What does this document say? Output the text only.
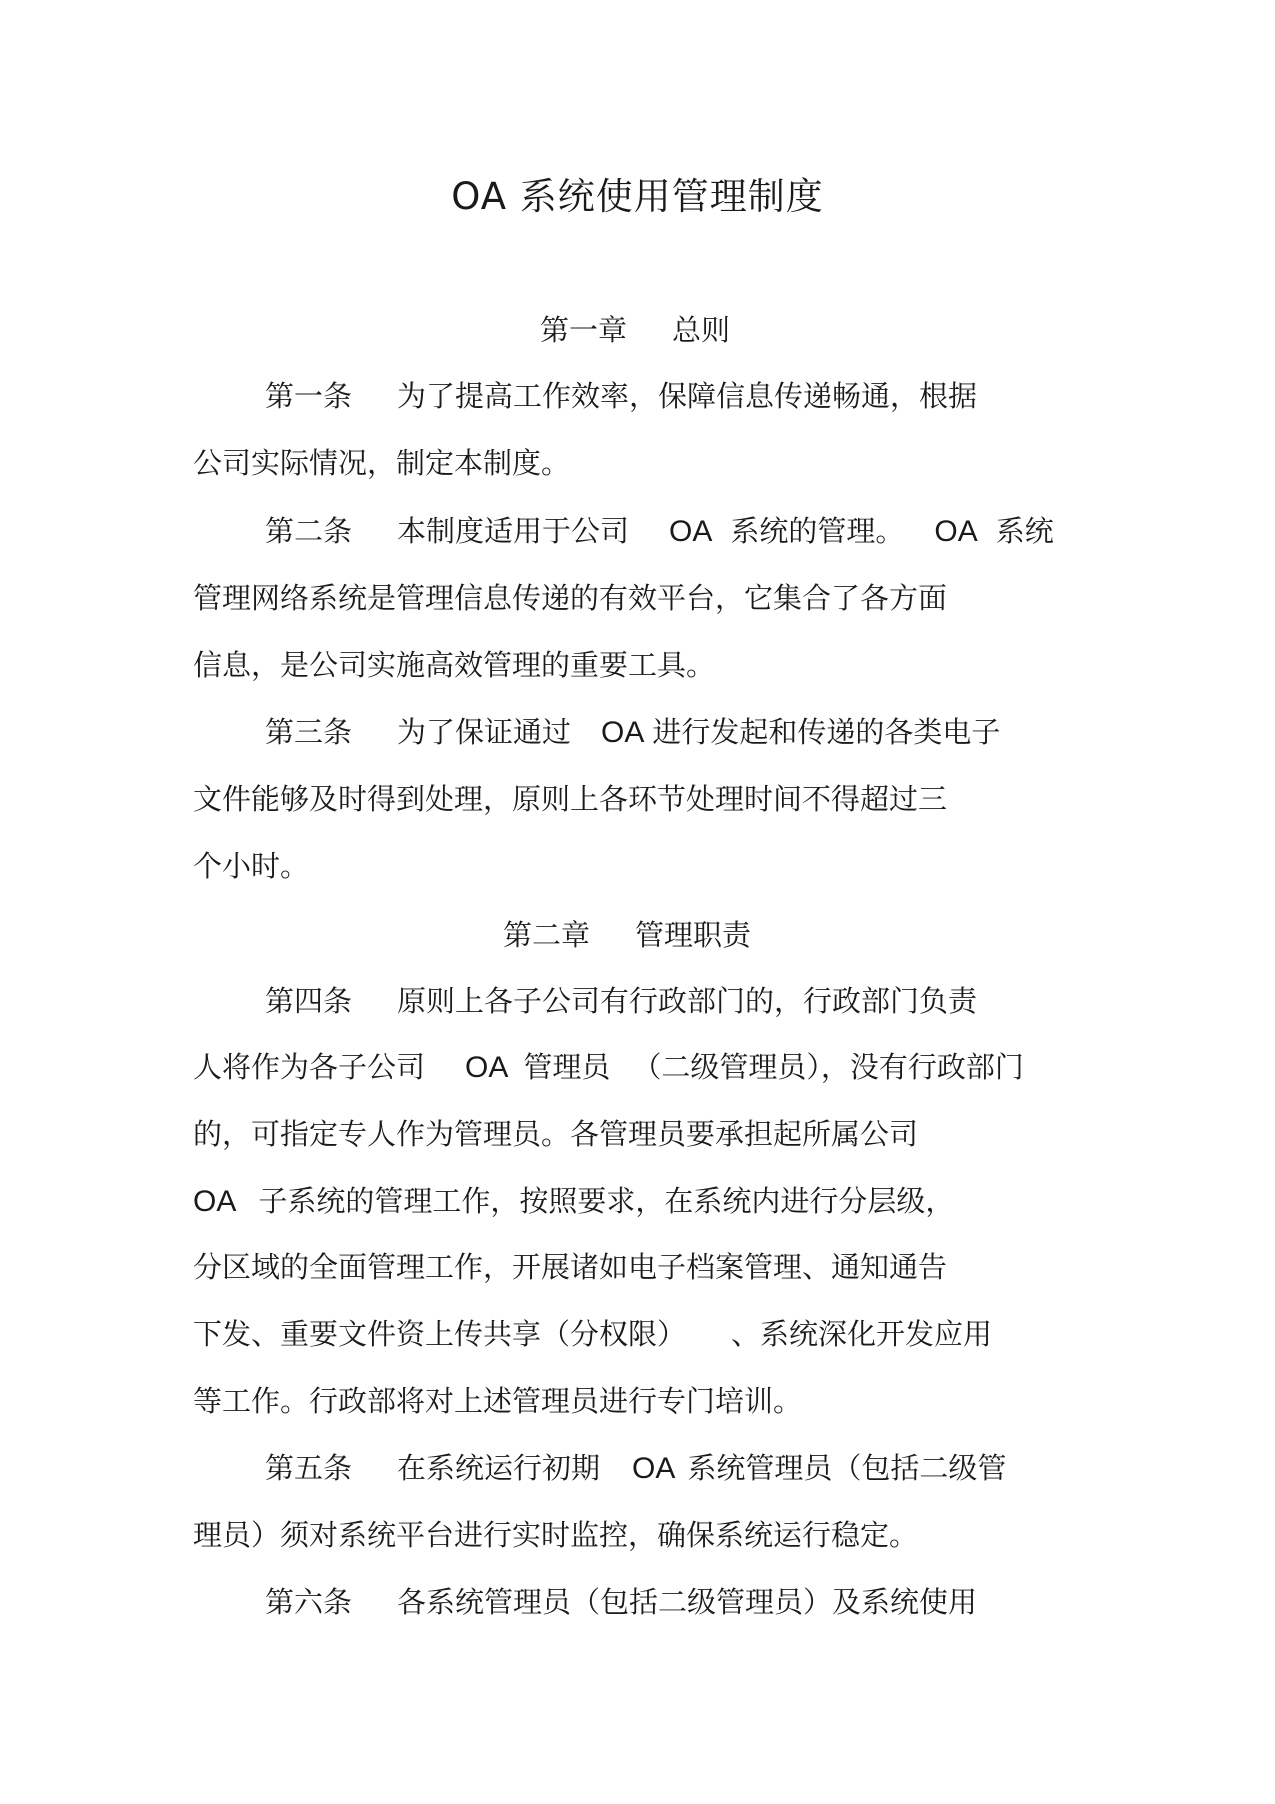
OA 系统使用管理制度
第一章 总则
第一条 为了提高工作效率，保障信息传递畅通，根据
公司实际情况，制定本制度。
第二条 本制度适用于公司 OA 系统的管理。 OA 系统
管理网络系统是管理信息传递的有效平台，它集合了各方面
信息，是公司实施高效管理的重要工具。
第三条 为了保证通过 OA 进行发起和传递的各类电子
文件能够及时得到处理，原则上各环节处理时间不得超过三
个小时。
第二章 管理职责
第四条 原则上各子公司有行政部门的，行政部门负责
人将作为各子公司 OA 管理员 （二级管理员），没有行政部门
的，可指定专人作为管理员。各管理员要承担起所属公司
OA 子系统的管理工作，按照要求，在系统内进行分层级，
分区域的全面管理工作，开展诸如电子档案管理、通知通告
下发、重要文件资上传共享（分权限） 、系统深化开发应用
等工作。行政部将对上述管理员进行专门培训。
第五条 在系统运行初期 OA 系统管理员（包括二级管
理员）须对系统平台进行实时监控，确保系统运行稳定。
第六条 各系统管理员（包括二级管理员）及系统使用
